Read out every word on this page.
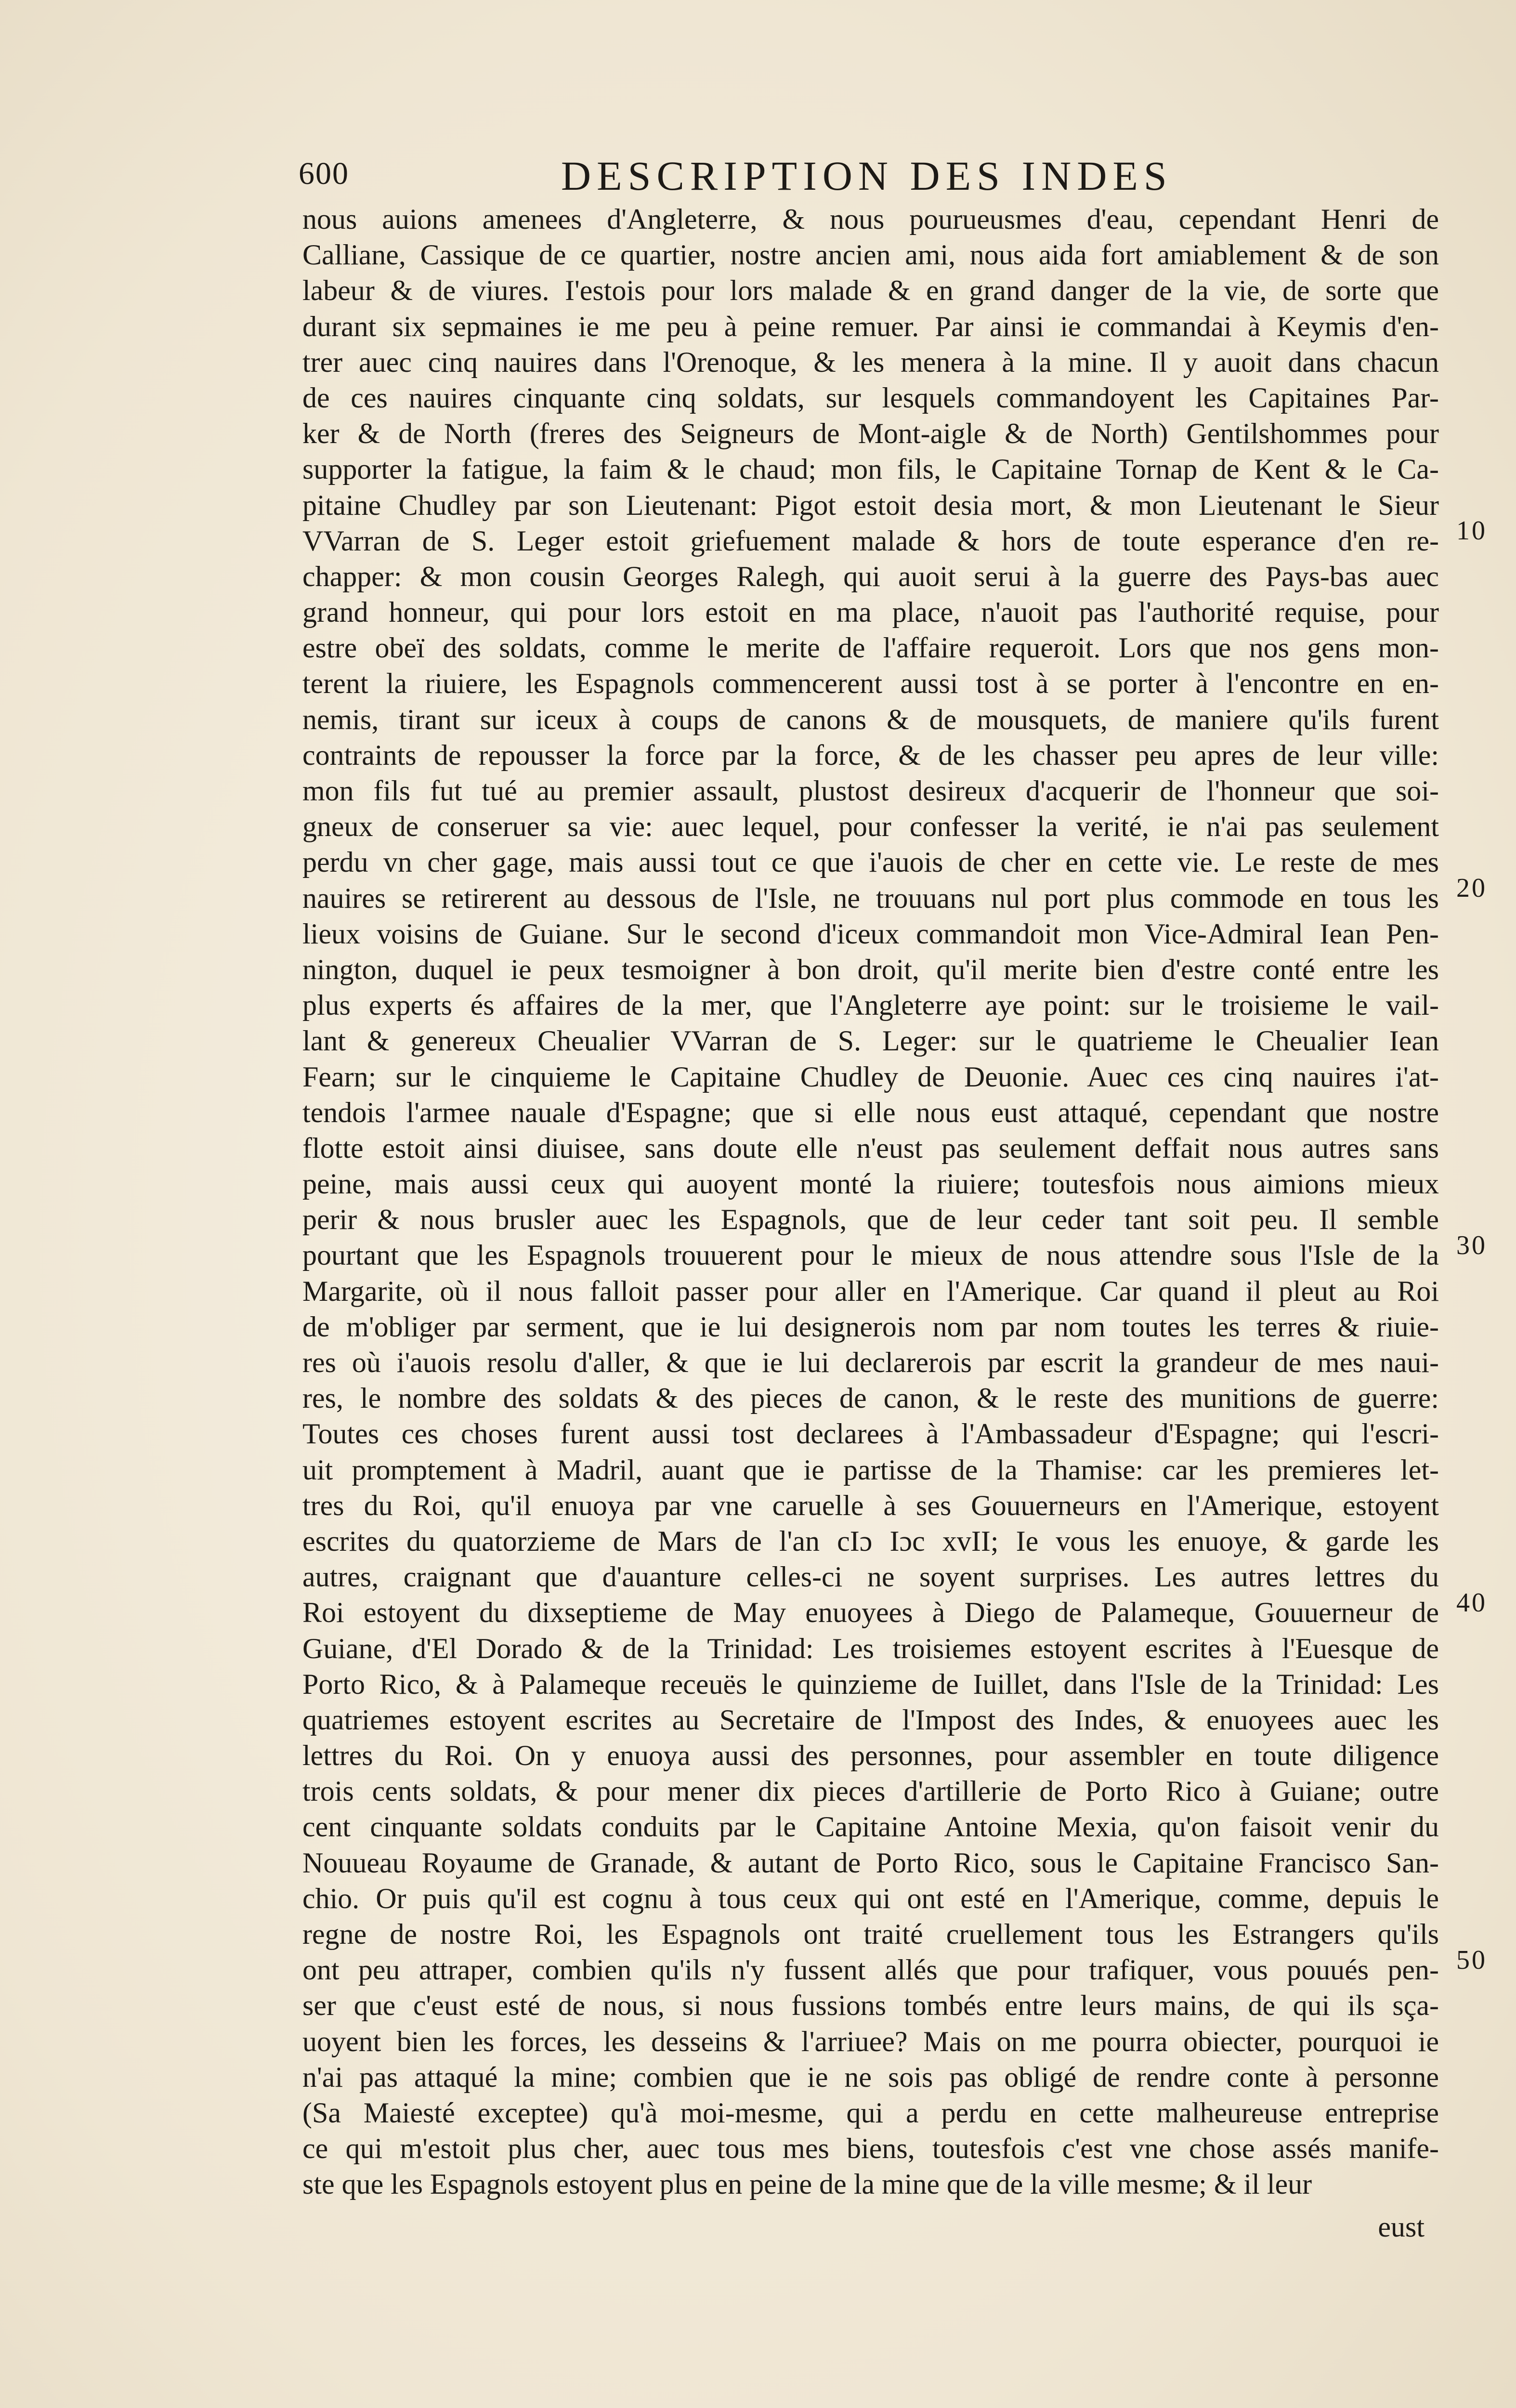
600	DESCRIPTION DES INDES
nous auions amenees d'Angleterre, & nous pourueusmes d'eau, cependant Henri de
Calliane, Cassique de ce quartier, nostre ancien ami, nous aida fort amiablement & de son
labeur & de viures. I'estois pour lors malade & en grand danger de la vie, de sorte que
durant six sepmaines ie me peu à peine remuer. Par ainsi ie commandai à Keymis d'en-
trer auec cinq nauires dans l'Orenoque, & les menera à la mine. Il y auoit dans chacun
de ces nauires cinquante cinq soldats, sur lesquels commandoyent les Capitaines Par-
ker & de North (freres des Seigneurs de Mont-aigle & de North) Gentilshommes pour
supporter la fatigue, la faim & le chaud; mon fils, le Capitaine Tornap de Kent & le Ca-
pitaine Chudley par son Lieutenant: Pigot estoit desia mort, & mon Lieutenant le Sieur
VVarran de S. Leger estoit griefuement malade & hors de toute esperance d'en re-
chapper: & mon cousin Georges Ralegh, qui auoit serui à la guerre des Pays-bas auec
grand honneur, qui pour lors estoit en ma place, n'auoit pas l'authorité requise, pour
estre obeï des soldats, comme le merite de l'affaire requeroit. Lors que nos gens mon-
terent la riuiere, les Espagnols commencerent aussi tost à se porter à l'encontre en en-
nemis, tirant sur iceux à coups de canons & de mousquets, de maniere qu'ils furent
contraints de repousser la force par la force, & de les chasser peu apres de leur ville:
mon fils fut tué au premier assault, plustost desireux d'acquerir de l'honneur que soi-
gneux de conseruer sa vie: auec lequel, pour confesser la verité, ie n'ai pas seulement
perdu vn cher gage, mais aussi tout ce que i'auois de cher en cette vie. Le reste de mes
nauires se retirerent au dessous de l'Isle, ne trouuans nul port plus commode en tous les
lieux voisins de Guiane. Sur le second d'iceux commandoit mon Vice-Admiral Iean Pen-
nington, duquel ie peux tesmoigner à bon droit, qu'il merite bien d'estre conté entre les
plus experts és affaires de la mer, que l'Angleterre aye point: sur le troisieme le vail-
lant & genereux Cheualier VVarran de S. Leger: sur le quatrieme le Cheualier Iean
Fearn; sur le cinquieme le Capitaine Chudley de Deuonie. Auec ces cinq nauires i'at-
tendois l'armee nauale d'Espagne; que si elle nous eust attaqué, cependant que nostre
flotte estoit ainsi diuisee, sans doute elle n'eust pas seulement deffait nous autres sans
peine, mais aussi ceux qui auoyent monté la riuiere; toutesfois nous aimions mieux
perir & nous brusler auec les Espagnols, que de leur ceder tant soit peu. Il semble
pourtant que les Espagnols trouuerent pour le mieux de nous attendre sous l'Isle de la
Margarite, où il nous falloit passer pour aller en l'Amerique. Car quand il pleut au Roi
de m'obliger par serment, que ie lui designerois nom par nom toutes les terres & riuie-
res où i'auois resolu d'aller, & que ie lui declarerois par escrit la grandeur de mes naui-
res, le nombre des soldats & des pieces de canon, & le reste des munitions de guerre:
Toutes ces choses furent aussi tost declarees à l'Ambassadeur d'Espagne; qui l'escri-
uit promptement à Madril, auant que ie partisse de la Thamise: car les premieres let-
tres du Roi, qu'il enuoya par vne caruelle à ses Gouuerneurs en l'Amerique, estoyent
escrites du quatorzieme de Mars de l'an cIɔ Iɔc xvII; Ie vous les enuoye, & garde les
autres, craignant que d'auanture celles-ci ne soyent surprises. Les autres lettres du
Roi estoyent du dixseptieme de May enuoyees à Diego de Palameque, Gouuerneur de
Guiane, d'El Dorado & de la Trinidad: Les troisiemes estoyent escrites à l'Euesque de
Porto Rico, & à Palameque receuës le quinzieme de Iuillet, dans l'Isle de la Trinidad: Les
quatriemes estoyent escrites au Secretaire de l'Impost des Indes, & enuoyees auec les
lettres du Roi. On y enuoya aussi des personnes, pour assembler en toute diligence
trois cents soldats, & pour mener dix pieces d'artillerie de Porto Rico à Guiane; outre
cent cinquante soldats conduits par le Capitaine Antoine Mexia, qu'on faisoit venir du
Nouueau Royaume de Granade, & autant de Porto Rico, sous le Capitaine Francisco San-
chio. Or puis qu'il est cognu à tous ceux qui ont esté en l'Amerique, comme, depuis le
regne de nostre Roi, les Espagnols ont traité cruellement tous les Estrangers qu'ils
ont peu attraper, combien qu'ils n'y fussent allés que pour trafiquer, vous pouués pen-
ser que c'eust esté de nous, si nous fussions tombés entre leurs mains, de qui ils sça-
uoyent bien les forces, les desseins & l'arriuee? Mais on me pourra obiecter, pourquoi ie
n'ai pas attaqué la mine; combien que ie ne sois pas obligé de rendre conte à personne
(Sa Maiesté exceptee) qu'à moi-mesme, qui a perdu en cette malheureuse entreprise
ce qui m'estoit plus cher, auec tous mes biens, toutesfois c'est vne chose assés manife-
ste que les Espagnols estoyent plus en peine de la mine que de la ville mesme; & il leur
10
20
30
40
50
eust
